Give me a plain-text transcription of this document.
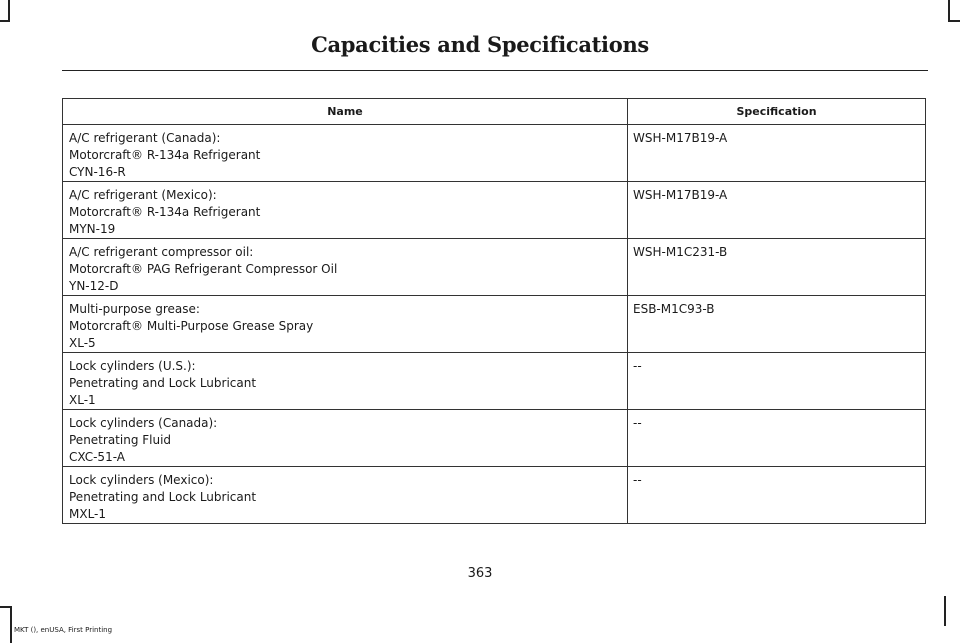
Capacities and Specifications
Name	Specification

A/C refrigerant (Canada):
Motorcraft® R-134a Refrigerant
CYN-16-R	WSH-M17B19-A

A/C refrigerant (Mexico):
Motorcraft® R-134a Refrigerant
MYN-19	WSH-M17B19-A

A/C refrigerant compressor oil:
Motorcraft® PAG Refrigerant Compressor Oil
YN-12-D	WSH-M1C231-B

Multi-purpose grease:
Motorcraft® Multi-Purpose Grease Spray
XL-5	ESB-M1C93-B

Lock cylinders (U.S.):
Penetrating and Lock Lubricant
XL-1	--

Lock cylinders (Canada):
Penetrating Fluid
CXC-51-A	--

Lock cylinders (Mexico):
Penetrating and Lock Lubricant
MXL-1	--
363
MKT (), enUSA, First Printing
